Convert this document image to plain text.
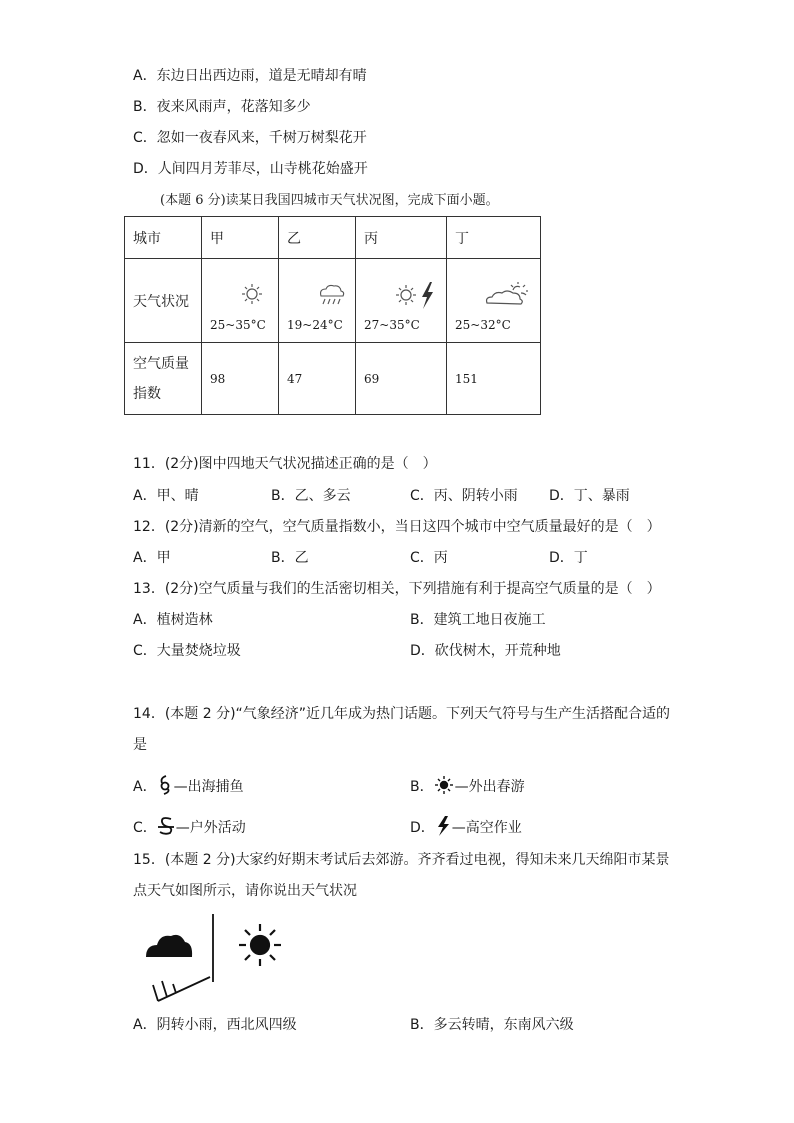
A．东边日出西边雨，道是无晴却有晴
B．夜来风雨声，花落知多少
C．忽如一夜春风来，千树万树梨花开
D．人间四月芳菲尽，山寺桃花始盛开
(本题 6 分)读某日我国四城市天气状况图，完成下面小题。
城市	甲	乙	丙	丁
天气状况	25~35°C	19~24°C	27~35°C	25~32°C

空气质量
指数	98	47	69	151
11．(2分)图中四地天气状况描述正确的是（　）
A．甲、晴	B．乙、多云	C．丙、阴转小雨 D．丁、暴雨
12．(2分)清新的空气，空气质量指数小，当日这四个城市中空气质量最好的是（　）
A．甲	B．乙	C．丙	D．丁
13．(2分)空气质量与我们的生活密切相关，下列措施有利于提高空气质量的是（　）
A．植树造林	B．建筑工地日夜施工
C．大量焚烧垃圾	D．砍伐树木，开荒种地
14．(本题 2 分)“气象经济”近几年成为热门话题。下列天气符号与生产生活搭配合适的
是
A． —出海捕鱼	B． —外出春游
C． —户外活动	D． —高空作业
15．(本题 2 分)大家约好期末考试后去郊游。齐齐看过电视，得知未来几天绵阳市某景
点天气如图所示，请你说出天气状况
A．阴转小雨，西北风四级	B．多云转晴，东南风六级
